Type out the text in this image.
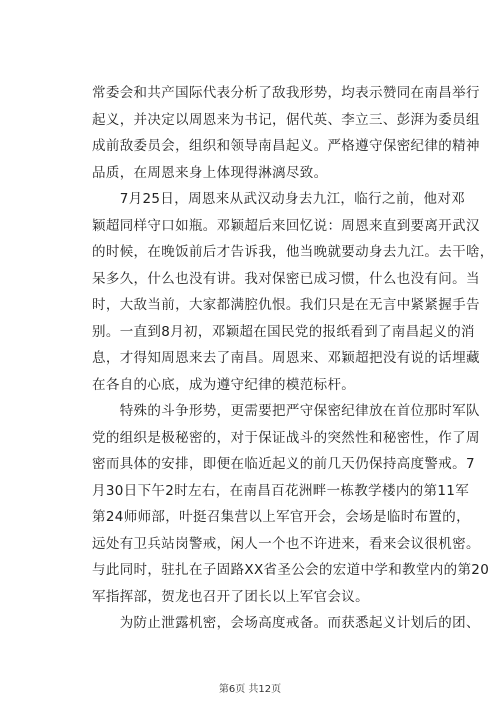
常委会和共产国际代表分析了敌我形势，均表示赞同在南昌举行
起义，并决定以周恩来为书记，倨代英、李立三、彭湃为委员组
成前敌委员会，组织和领导南昌起义。严格遵守保密纪律的精神
品质，在周恩来身上体现得淋漓尽致。
　　7月25日，周恩来从武汉动身去九江，临行之前，他对邓
颖超同样守口如瓶。邓颖超后来回忆说：周恩来直到要离开武汉
的时候，在晚饭前后才告诉我，他当晚就要动身去九江。去干啥，
呆多久，什么也没有讲。我对保密已成习惯，什么也没有问。当
时，大敌当前，大家都满腔仇恨。我们只是在无言中紧紧握手告
别。一直到8月初，邓颖超在国民党的报纸看到了南昌起义的消
息，才得知周恩来去了南昌。周恩来、邓颖超把没有说的话埋藏
在各自的心底，成为遵守纪律的模范标杆。
　　特殊的斗争形势，更需要把严守保密纪律放在首位那时军队
党的组织是极秘密的，对于保证战斗的突然性和秘密性，作了周
密而具体的安排，即便在临近起义的前几天仍保持高度警戒。7
月30日下午2时左右，在南昌百花洲畔一栋教学楼内的第11军
第24师师部，叶挺召集营以上军官开会，会场是临时布置的，
远处有卫兵站岗警戒，闲人一个也不许进来，看来会议很机密。
与此同时，驻扎在子固路XX省圣公会的宏道中学和教堂内的第20
军指挥部，贺龙也召开了团长以上军官会议。
　　为防止泄露机密，会场高度戒备。而获悉起义计划后的团、
第6页 共12页
